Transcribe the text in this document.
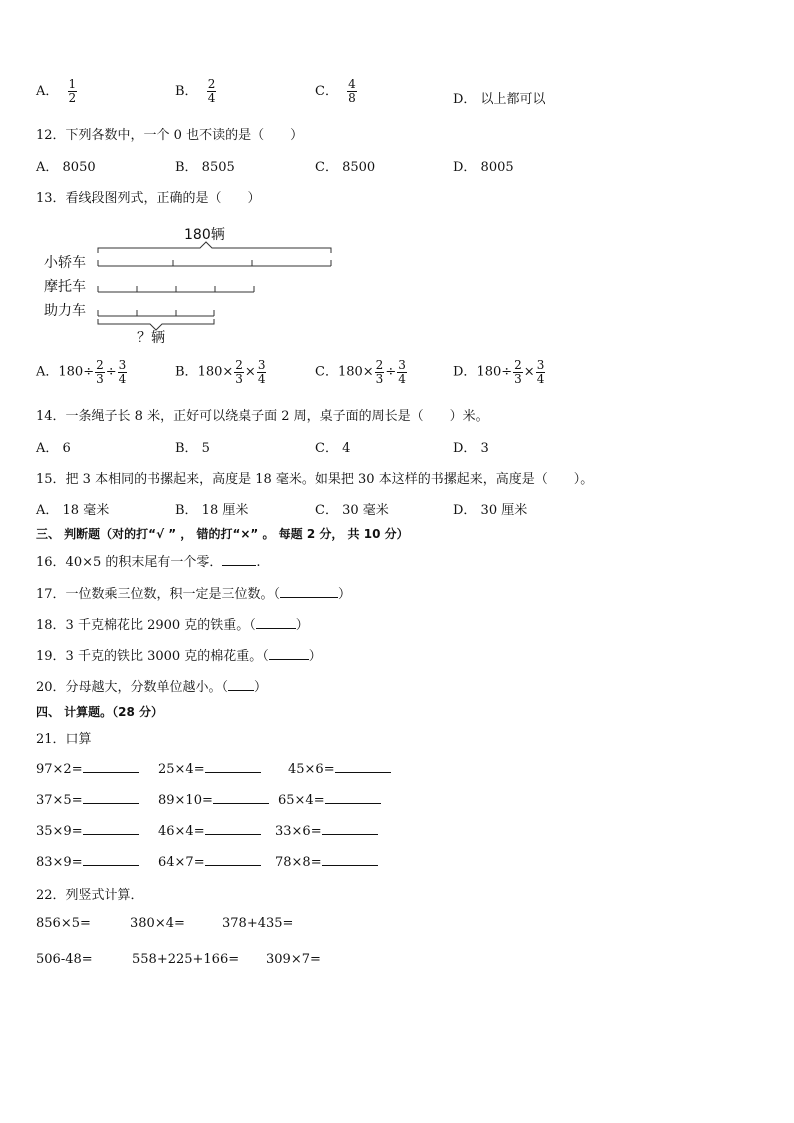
A． $\frac{1}{2}$	B． $\frac{2}{4}$	C． $\frac{4}{8}$	D． 以上都可以
12．下列各数中，一个 0 也不读的是（　　）
A． 8050	B． 8505	C． 8500	D． 8005
13．看线段图列式，正确的是（　　）
180辆
小轿车
摩托车
助力车
？辆
A．$180\div \frac{2}{3} \div \frac{3}{4}$	B．$180\times \frac{2}{3} \times \frac{3}{4}$	C．$180\times \frac{2}{3} \div \frac{3}{4}$	D．$180\div \frac{2}{3} \times \frac{3}{4}$
14．一条绳子长 8 米，正好可以绕桌子面 2 周，桌子面的周长是（　　）米。
A． 6	B． 5	C． 4	D． 3
15．把 3 本相同的书摞起来，高度是 18 毫米。如果把 30 本这样的书摞起来，高度是（　　）。
A． 18 毫米	B． 18 厘米	C． 30 毫米	D． 30 厘米
三、 判断题（对的打“√ ” ， 错的打“×” 。 每题 2 分， 共 10 分）
16．40×5 的积末尾有一个零．	.
17．一位数乘三位数，积一定是三位数。（	）
18．3 千克棉花比 2900 克的铁重。（	）
19．3 千克的铁比 3000 克的棉花重。（	）
20．分母越大，分数单位越小。（ ）
四、 计算题。（28 分）
21．口算
97×2=	25×4=	45×6=
37×5=	89×10=	65×4=
35×9=	46×4=	33×6=
83×9=	64×7=	78×8=
22．列竖式计算．
856×5=	380×4=	378+435=
506-48=	558+225+166= 309×7=
